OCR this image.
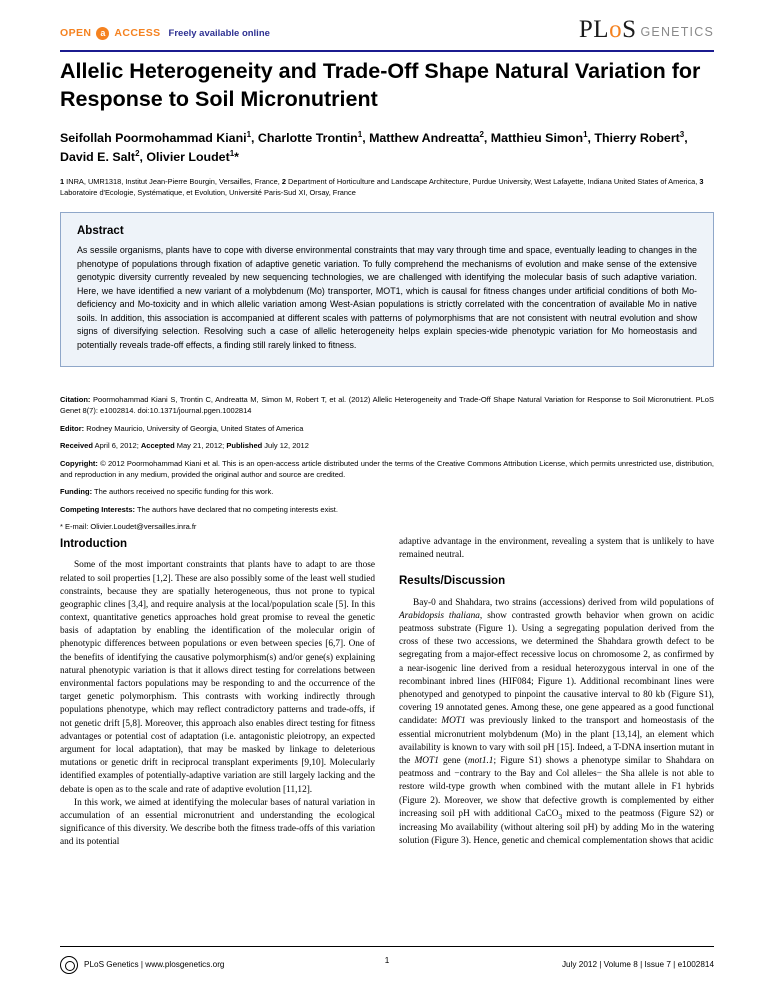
OPEN a ACCESS Freely available online	PLoS GENETICS
Allelic Heterogeneity and Trade-Off Shape Natural Variation for Response to Soil Micronutrient
Seifollah Poormohammad Kiani$^1$, Charlotte Trontin$^1$, Matthew Andreatta$^2$, Matthieu Simon$^1$, Thierry Robert$^3$, David E. Salt$^2$, Olivier Loudet$^1$*
1 INRA, UMR1318, Institut Jean-Pierre Bourgin, Versailles, France, 2 Department of Horticulture and Landscape Architecture, Purdue University, West Lafayette, Indiana United States of America, 3 Laboratoire d'Ecologie, Systématique, et Evolution, Université Paris-Sud XI, Orsay, France
Abstract
As sessile organisms, plants have to cope with diverse environmental constraints that may vary through time and space, eventually leading to changes in the phenotype of populations through fixation of adaptive genetic variation. To fully comprehend the mechanisms of evolution and make sense of the extensive genotypic diversity currently revealed by new sequencing technologies, we are challenged with identifying the molecular basis of such adaptive variation. Here, we have identified a new variant of a molybdenum (Mo) transporter, MOT1, which is causal for fitness changes under artificial conditions of both Mo-deficiency and Mo-toxicity and in which allelic variation among West-Asian populations is strictly correlated with the concentration of available Mo in native soils. In addition, this association is accompanied at different scales with patterns of polymorphisms that are not consistent with neutral evolution and show signs of diversifying selection. Resolving such a case of allelic heterogeneity helps explain species-wide phenotypic variation for Mo homeostasis and potentially reveals trade-off effects, a finding still rarely linked to fitness.

Citation: Poormohammad Kiani S, Trontin C, Andreatta M, Simon M, Robert T, et al. (2012) Allelic Heterogeneity and Trade-Off Shape Natural Variation for Response to Soil Micronutrient. PLoS Genet 8(7): e1002814. doi:10.1371/journal.pgen.1002814

Editor: Rodney Mauricio, University of Georgia, United States of America

Received April 6, 2012; Accepted May 21, 2012; Published July 12, 2012

Copyright: © 2012 Poormohammad Kiani et al. This is an open-access article distributed under the terms of the Creative Commons Attribution License, which permits unrestricted use, distribution, and reproduction in any medium, provided the original author and source are credited.

Funding: The authors received no specific funding for this work.

Competing Interests: The authors have declared that no competing interests exist.

* E-mail: Olivier.Loudet@versailles.inra.fr

Introduction

Some of the most important constraints that plants have to adapt to are those related to soil properties [1,2]. These are also possibly some of the least well studied constraints, because they are spatially heterogeneous, thus not prone to typical geographic clines [3,4], and require analysis at the local/population scale [5]. In this context, quantitative genetics approaches hold great promise to reveal the genetic basis of adaptation by enabling the identification of the molecular origin of phenotypic differences between populations or even between species [6,7]. One of the benefits of identifying the causative polymorphism(s) and/or gene(s) explaining natural phenotypic variation is that it allows direct testing for correlations between environmental factors populations may be responding to and the occurrence of the target genetic polymorphism. This contrasts with working indirectly through populations phenotype, which may reflect contradictory patterns and trade-offs, if not genetic drift [5,8]. Moreover, this approach also enables direct testing for fitness advantages or potential cost of adaptation (i.e. antagonistic pleiotropy, an expected argument for local adaptation), that may be masked by linkage to deleterious mutations or genetic drift in reciprocal transplant experiments [9,10]. Molecularly identified examples of potentially-adaptive variation are still largely lacking and the debate is open as to the scale and rate of adaptive evolution [11,12].

In this work, we aimed at identifying the molecular bases of natural variation in accumulation of an essential micronutrient and understanding the ecological significance of this diversity. We describe both the fitness trade-offs of this variation and its potential

adaptive advantage in the environment, revealing a system that is unlikely to have remained neutral.

Results/Discussion

Bay-0 and Shahdara, two strains (accessions) derived from wild populations of Arabidopsis thaliana, show contrasted growth behavior when grown on acidic peatmoss substrate (Figure 1). Using a segregating population derived from the cross of these two accessions, we determined the Shahdara growth defect to be segregating from a major-effect recessive locus on chromosome 2, as confirmed by a near-isogenic line derived from a residual heterozygous interval in one of the recombinant inbred lines (HIF084; Figure 1). Additional recombinant lines were phenotyped and genotyped to pinpoint the causative interval to 80 kb (Figure S1), covering 19 annotated genes. Among these, one gene appeared as a good functional candidate: MOT1 was previously linked to the transport and homeostasis of the essential micronutrient molybdenum (Mo) in the plant [13,14], an element which availability is known to vary with soil pH [15]. Indeed, a T-DNA insertion mutant in the MOT1 gene (mot1.1; Figure S1) shows a phenotype similar to Shahdara on peatmoss and −contrary to the Bay and Col alleles− the Sha allele is not able to restore wild-type growth when combined with the mutant allele in F1 hybrids (Figure 2). Moreover, we show that defective growth is complemented by either increasing soil pH with additional CaCO$_3$ mixed to the peatmoss (Figure S2) or increasing Mo availability (without altering soil pH) by adding Mo in the watering solution (Figure 3). Hence, genetic and chemical complementation shows that acidic

PLoS Genetics | www.plosgenetics.org	1	July 2012 | Volume 8 | Issue 7 | e1002814
